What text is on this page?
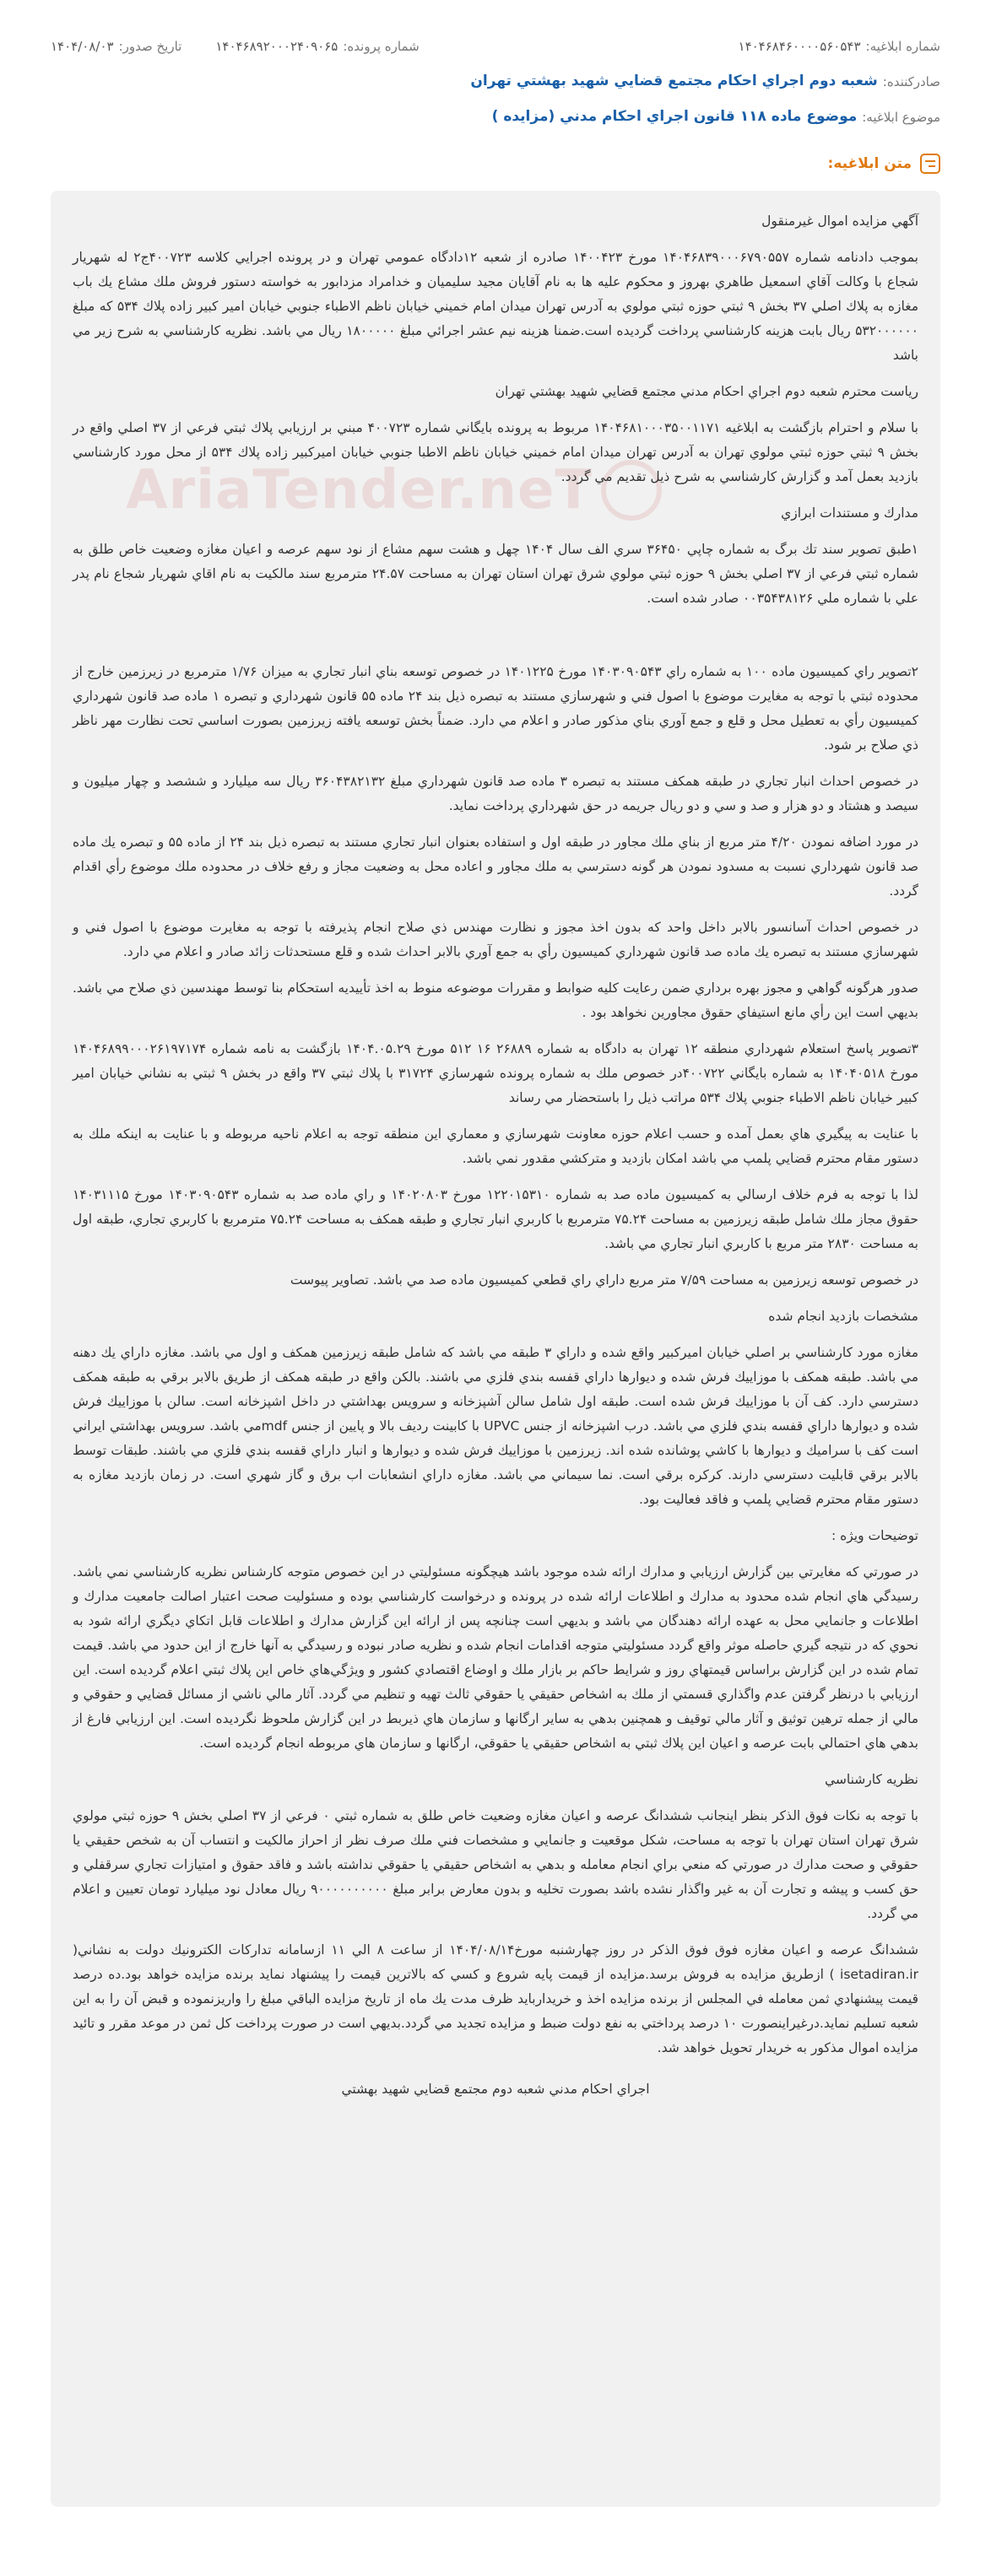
شماره ابلاغیه:
۱۴۰۴۶۸۴۶۰۰۰۰۵۶۰۵۴۳
شماره پرونده:
۱۴۰۴۶۸۹۲۰۰۰۲۴۰۹۰۶۵
تاریخ صدور:
۱۴۰۴/۰۸/۰۳
صادرکننده:
شعبه دوم اجراي احكام مجتمع قضايي شهيد بهشتي تهران
موضوع ابلاغیه:
موضوع ماده ۱۱۸ قانون اجراي احكام مدني (مزايده )
متن ابلاغیه:
AriaTender.neT

آگهي مزايده اموال غيرمنقول

بموجب دادنامه شماره ۱۴۰۴۶۸۳۹۰۰۰۶۷۹۰۵۵۷ مورخ ۱۴۰۰۴۲۳ صادره از شعبه ۱۲دادگاه عمومي تهران و در پرونده اجرايي كلاسه ۴۰۰۷۲۳ج۲ له شهريار شجاع با وكالت آقاي اسمعيل طاهري بهروز و محكوم عليه ها به نام آقايان مجيد سليميان و خدامراد مزدابور به خواسته دستور فروش ملك مشاع يك باب مغازه به پلاك اصلي ۳۷ بخش ۹ ثبتي حوزه ثبتي مولوي به آدرس تهران ميدان امام خميني خيابان ناظم الاطباء جنوبي خيابان امير كبير زاده پلاك ۵۳۴ كه مبلغ ۵۳۲۰۰۰۰۰۰ ريال بابت هزينه كارشناسي پرداخت گرديده است.ضمنا هزينه نيم عشر اجرائي مبلغ ۱۸۰۰۰۰۰ ريال مي باشد. نظريه كارشناسي به شرح زير مي باشد

رياست محترم شعبه دوم اجراي احكام مدني مجتمع قضايي شهيد بهشتي تهران

با سلام و احترام بازگشت به ابلاغيه ۱۴۰۴۶۸۱۰۰۰۳۵۰۰۱۱۷۱ مربوط به پرونده بايگاني شماره ۴۰۰۷۲۳ مبني بر ارزيابي پلاك ثبتي فرعي از ۳۷ اصلي واقع در بخش ۹ ثبتي حوزه ثبتي مولوي تهران به آدرس تهران ميدان امام خميني خيابان ناظم الاطبا جنوبي خيابان اميركبير زاده پلاك ۵۳۴ از محل مورد كارشناسي بازديد بعمل آمد و گزارش كارشناسي به شرح ذيل تقديم مي گردد.

مدارك و مستندات ابرازي

۱طبق تصوير سند تك برگ به شماره چاپي ۳۶۴۵۰ سري الف سال ۱۴۰۴ چهل و هشت سهم مشاع از نود سهم عرصه و اعيان مغازه وضعيت خاص طلق به شماره ثبتي فرعي از ۳۷ اصلي بخش ۹ حوزه ثبتي مولوي شرق تهران استان تهران به مساحت ۲۴.۵۷ مترمربع سند مالكيت به نام اقاي شهريار شجاع نام پدر علي با شماره ملي ۰۰۳۵۴۳۸۱۲۶ صادر شده است.

۲تصوير راي كميسيون ماده ۱۰۰ به شماره راي ۱۴۰۳۰۹۰۵۴۳ مورخ ۱۴۰۱۲۲۵ در خصوص توسعه بناي انبار تجاري به ميزان ۱/۷۶ مترمربع در زيرزمين خارج از محدوده ثبتي با توجه به مغايرت موضوع با اصول فني و شهرسازي مستند به تبصره ذيل بند ۲۴ ماده ۵۵ قانون شهرداري و تبصره ۱ ماده صد قانون شهرداري كميسيون رأي به تعطيل محل و قلع و جمع آوري بناي مذكور صادر و اعلام مي دارد. ضمناً بخش توسعه يافته زيرزمين بصورت اساسي تحت نظارت مهر ناظر ذي صلاح بر شود.

در خصوص احداث انبار تجاري در طبقه همكف مستند به تبصره ۳ ماده صد قانون شهرداري مبلغ ۳۶۰۴۳۸۲۱۳۲ ريال سه ميليارد و ششصد و چهار ميليون و سيصد و هشتاد و دو هزار و صد و سي و دو ريال جريمه در حق شهرداري پرداخت نمايد.

در مورد اضافه نمودن ۴/۲۰ متر مربع از بناي ملك مجاور در طبقه اول و استفاده بعنوان انبار تجاري مستند به تبصره ذيل بند ۲۴ از ماده ۵۵ و تبصره يك ماده صد قانون شهرداري نسبت به مسدود نمودن هر گونه دسترسي به ملك مجاور و اعاده محل به وضعيت مجاز و رفع خلاف در محدوده ملك موضوع رأي اقدام گردد.

در خصوص احداث آسانسور بالابر داخل واحد كه بدون اخذ مجوز و نظارت مهندس ذي صلاح انجام پذيرفته با توجه به مغايرت موضوع با اصول فني و شهرسازي مستند به تبصره يك ماده صد قانون شهرداري كميسيون رأي به جمع آوري بالابر احداث شده و قلع مستحدثات زائد صادر و اعلام مي دارد.

صدور هرگونه گواهي و مجوز بهره برداري ضمن رعايت كليه ضوابط و مقررات موضوعه منوط به اخذ تأييديه استحكام بنا توسط مهندسين ذي صلاح مي باشد. بديهي است اين رأي مانع استيفاي حقوق مجاورين نخواهد بود .

۳تصوير پاسخ استعلام شهرداري منطقه ۱۲ تهران به دادگاه به شماره ۲۶۸۸۹ ۱۶ ۵۱۲ مورخ ۱۴۰۴.۰۵.۲۹ بازگشت به نامه شماره ۱۴۰۴۶۸۹۹۰۰۰۲۶۱۹۷۱۷۴ مورخ ۱۴۰۴۰۵۱۸ به شماره بايگاني ۴۰۰۷۲۲در خصوص ملك به شماره پرونده شهرسازي ۳۱۷۲۴ با پلاك ثبتي ۳۷ واقع در بخش ۹ ثبتي به نشاني خيابان امير كبير خيابان ناظم الاطباء جنوبي پلاك ۵۳۴ مراتب ذيل را باستحضار مي رساند

با عنايت به پيگيري هاي بعمل آمده و حسب اعلام حوزه معاونت شهرسازي و معماري اين منطقه توجه به اعلام ناحيه مربوطه و با عنايت به اينكه ملك به دستور مقام محترم قضايي پلمپ مي باشد امكان بازديد و متركشي مقدور نمي باشد.

لذا با توجه به فرم خلاف ارسالي به كميسيون ماده صد به شماره ۱۲۲۰۱۵۳۱۰ مورخ ۱۴۰۲۰۸۰۳ و راي ماده صد به شماره ۱۴۰۳۰۹۰۵۴۳ مورخ ۱۴۰۳۱۱۱۵ حقوق مجاز ملك شامل طبقه زيرزمين به مساحت ۷۵.۲۴ مترمربع با كاربري انبار تجاري و طبقه همكف به مساحت ۷۵.۲۴ مترمربع با كاربري تجاري، طبقه اول به مساحت ۲۸۳۰ متر مربع با كاربري انبار تجاري مي باشد.

در خصوص توسعه زيرزمين به مساحت ۷/۵۹ متر مربع داراي راي قطعي كميسيون ماده صد مي باشد. تصاوير پيوست

مشخصات بازديد انجام شده

مغازه مورد كارشناسي بر اصلي خيابان اميركبير واقع شده و داراي ۳ طبقه مي باشد كه شامل طبقه زيرزمين همكف و اول مي باشد. مغازه داراي يك دهنه مي باشد. طبقه همكف با موزاييك فرش شده و ديوارها داراي قفسه بندي فلزي مي باشند. بالكن واقع در طبقه همكف از طريق بالابر برقي به طبقه همكف دسترسي دارد. كف آن با موزاييك فرش شده است. طبقه اول شامل سالن آشپزخانه و سرويس بهداشتي در داخل اشپزخانه است. سالن با موزاييك فرش شده و ديوارها داراي قفسه بندي فلزي مي باشد. درب اشپزخانه از جنس UPVC با كابينت رديف بالا و پايين از جنس mdfمي باشد. سرويس بهداشتي ايراني است كف با سراميك و ديوارها با كاشي پوشانده شده اند. زيرزمين با موزاييك فرش شده و ديوارها و انبار داراي قفسه بندي فلزي مي باشند. طبقات توسط بالابر برقي قابليت دسترسي دارند. كركره برقي است. نما سيماني مي باشد. مغازه داراي انشعابات اب برق و گاز شهري است. در زمان بازديد مغازه به دستور مقام محترم قضايي پلمپ و فاقد فعاليت بود.

توضيحات ويژه :

در صورتي كه مغايرتي بين گزارش ارزيابي و مدارك ارائه شده موجود باشد هيچگونه مسئوليتي در اين خصوص متوجه كارشناس نظريه كارشناسي نمي باشد. رسيدگي هاي انجام شده محدود به مدارك و اطلاعات ارائه شده در پرونده و درخواست كارشناسي بوده و مسئوليت صحت اعتبار اصالت جامعيت مدارك و اطلاعات و جانمايي محل به عهده ارائه دهندگان مي باشد و بديهي است چنانچه پس از ارائه اين گزارش مدارك و اطلاعات قابل اتكاي ديگري ارائه شود به نحوي كه در نتيجه گيري حاصله موثر واقع گردد مسئوليتي متوجه اقدامات انجام شده و نظريه صادر نبوده و رسيدگي به آنها خارج از اين حدود مي باشد. قيمت تمام شده در اين گزارش براساس قيمتهاي روز و شرايط حاكم بر بازار ملك و اوضاع اقتصادي كشور و ويژگي‌هاي خاص اين پلاك ثبتي اعلام گرديده است. اين ارزيابي با درنظر گرفتن عدم واگذاري قسمتي از ملك به اشخاص حقيقي يا حقوقي ثالث تهيه و تنظيم مي گردد. آثار مالي ناشي از مسائل قضايي و حقوقي و مالي از جمله ترهين توثيق و آثار مالي توقيف و همچنين بدهي به ساير ارگانها و سازمان هاي ذيربط در اين گزارش ملحوظ نگرديده است. اين ارزيابي فارغ از بدهي هاي احتمالي بابت عرصه و اعيان اين پلاك ثبتي به اشخاص حقيقي يا حقوقي، ارگانها و سازمان هاي مربوطه انجام گرديده است.

نظريه كارشناسي

با توجه به نكات فوق الذكر بنظر اينجانب ششدانگ عرصه و اعيان مغازه وضعيت خاص طلق به شماره ثبتي ۰ فرعي از ۳۷ اصلي بخش ۹ حوزه ثبتي مولوي شرق تهران استان تهران با توجه به مساحت، شكل موقعيت و جانمايي و مشخصات فني ملك صرف نظر از احراز مالكيت و انتساب آن به شخص حقيقي يا حقوقي و صحت مدارك در صورتي كه منعي براي انجام معامله و بدهي به اشخاص حقيقي يا حقوقي نداشته باشد و فاقد حقوق و امتيازات تجاري سرقفلي و حق كسب و پيشه و تجارت آن به غير واگذار نشده باشد بصورت تخليه و بدون معارض برابر مبلغ ۹۰۰۰۰۰۰۰۰۰۰ ريال معادل نود ميليارد تومان تعيين و اعلام مي گردد.

ششدانگ عرصه و اعيان مغازه فوق فوق الذكر در روز چهارشنبه مورخ۱۴۰۴/۰۸/۱۴ از ساعت ۸ الي ۱۱ ازسامانه تداركات الكترونيك دولت به نشاني( isetadiran.ir ) ازطريق مزايده به فروش برسد.مزايده از قيمت پايه شروع و كسي كه بالاترين قيمت را پيشنهاد نمايد برنده مزايده خواهد بود.ده درصد قيمت پيشنهادي ثمن معامله في المجلس از برنده مزايده اخذ و خريداربايد ظرف مدت يك ماه از تاريخ مزايده الباقي مبلغ را واريزنموده و قبض آن را به اين شعبه تسليم نمايد.درغيراينصورت ۱۰ درصد پرداختي به نفع دولت ضبط و مزايده تجديد مي گردد.بديهي است در صورت پرداخت كل ثمن در موعد مقرر و تائيد مزايده اموال مذكور به خريدار تحويل خواهد شد.

اجراي احكام مدني شعبه دوم مجتمع قضايي شهيد بهشتي
